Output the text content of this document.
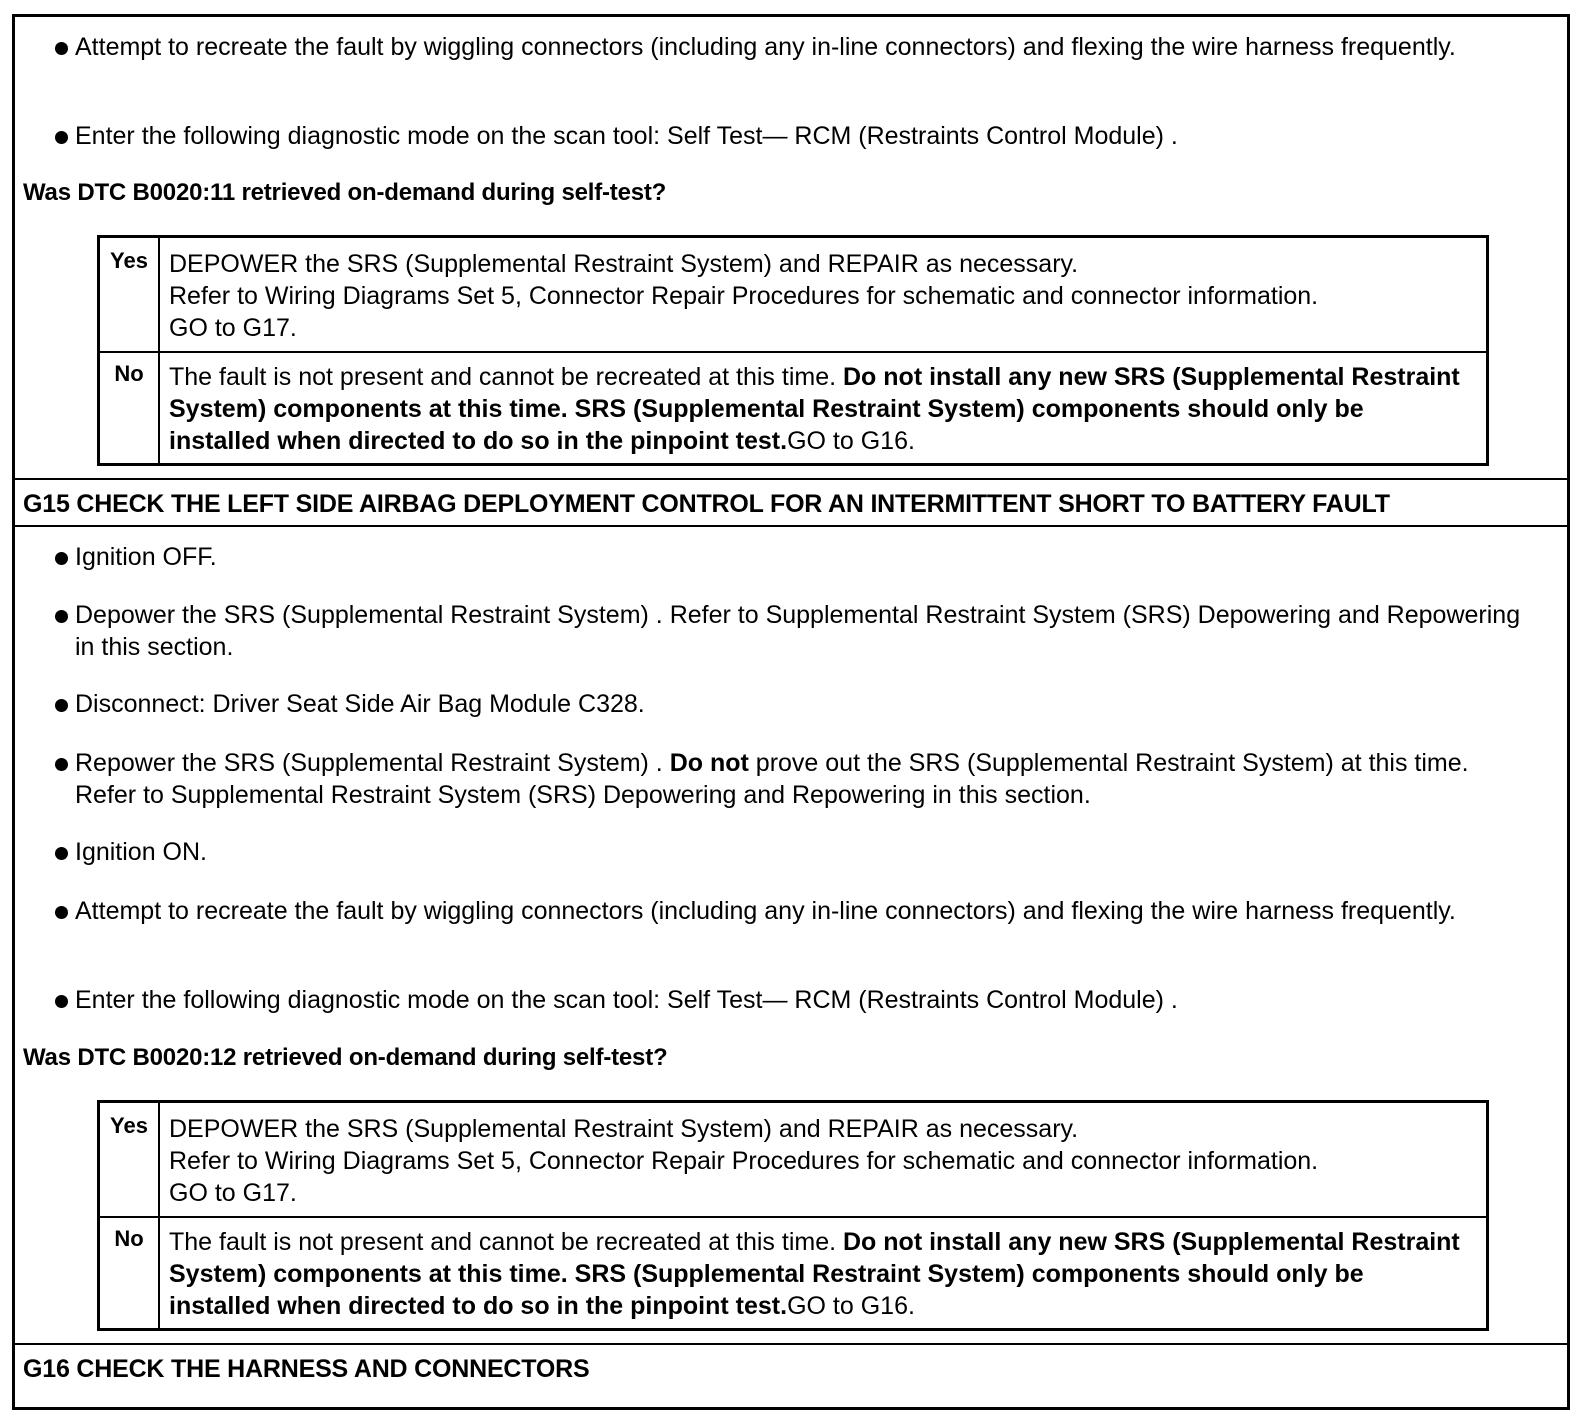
Attempt to recreate the fault by wiggling connectors (including any in-line connectors) and flexing the wire harness frequently.
Enter the following diagnostic mode on the scan tool: Self Test— RCM (Restraints Control Module) .
Was DTC B0020:11 retrieved on-demand during self-test?
Yes DEPOWER the SRS (Supplemental Restraint System) and REPAIR as necessary.
Refer to Wiring Diagrams Set 5, Connector Repair Procedures for schematic and connector information.
GO to G17.
No	The fault is not present and cannot be recreated at this time. Do not install any new SRS (Supplemental Restraint System) components at this time. SRS (Supplemental Restraint System) components should only be installed when directed to do so in the pinpoint test.GO to G16.
G15 CHECK THE LEFT SIDE AIRBAG DEPLOYMENT CONTROL FOR AN INTERMITTENT SHORT TO BATTERY FAULT
Ignition OFF.
Depower the SRS (Supplemental Restraint System) . Refer to Supplemental Restraint System (SRS) Depowering and Repowering in this section.
Disconnect: Driver Seat Side Air Bag Module C328.
Repower the SRS (Supplemental Restraint System) . Do not prove out the SRS (Supplemental Restraint System) at this time. Refer to Supplemental Restraint System (SRS) Depowering and Repowering in this section.
Ignition ON.
Attempt to recreate the fault by wiggling connectors (including any in-line connectors) and flexing the wire harness frequently.
Enter the following diagnostic mode on the scan tool: Self Test— RCM (Restraints Control Module) .
Was DTC B0020:12 retrieved on-demand during self-test?
Yes DEPOWER the SRS (Supplemental Restraint System) and REPAIR as necessary.
Refer to Wiring Diagrams Set 5, Connector Repair Procedures for schematic and connector information.
GO to G17.
No	The fault is not present and cannot be recreated at this time. Do not install any new SRS (Supplemental Restraint System) components at this time. SRS (Supplemental Restraint System) components should only be installed when directed to do so in the pinpoint test.GO to G16.
G16 CHECK THE HARNESS AND CONNECTORS
